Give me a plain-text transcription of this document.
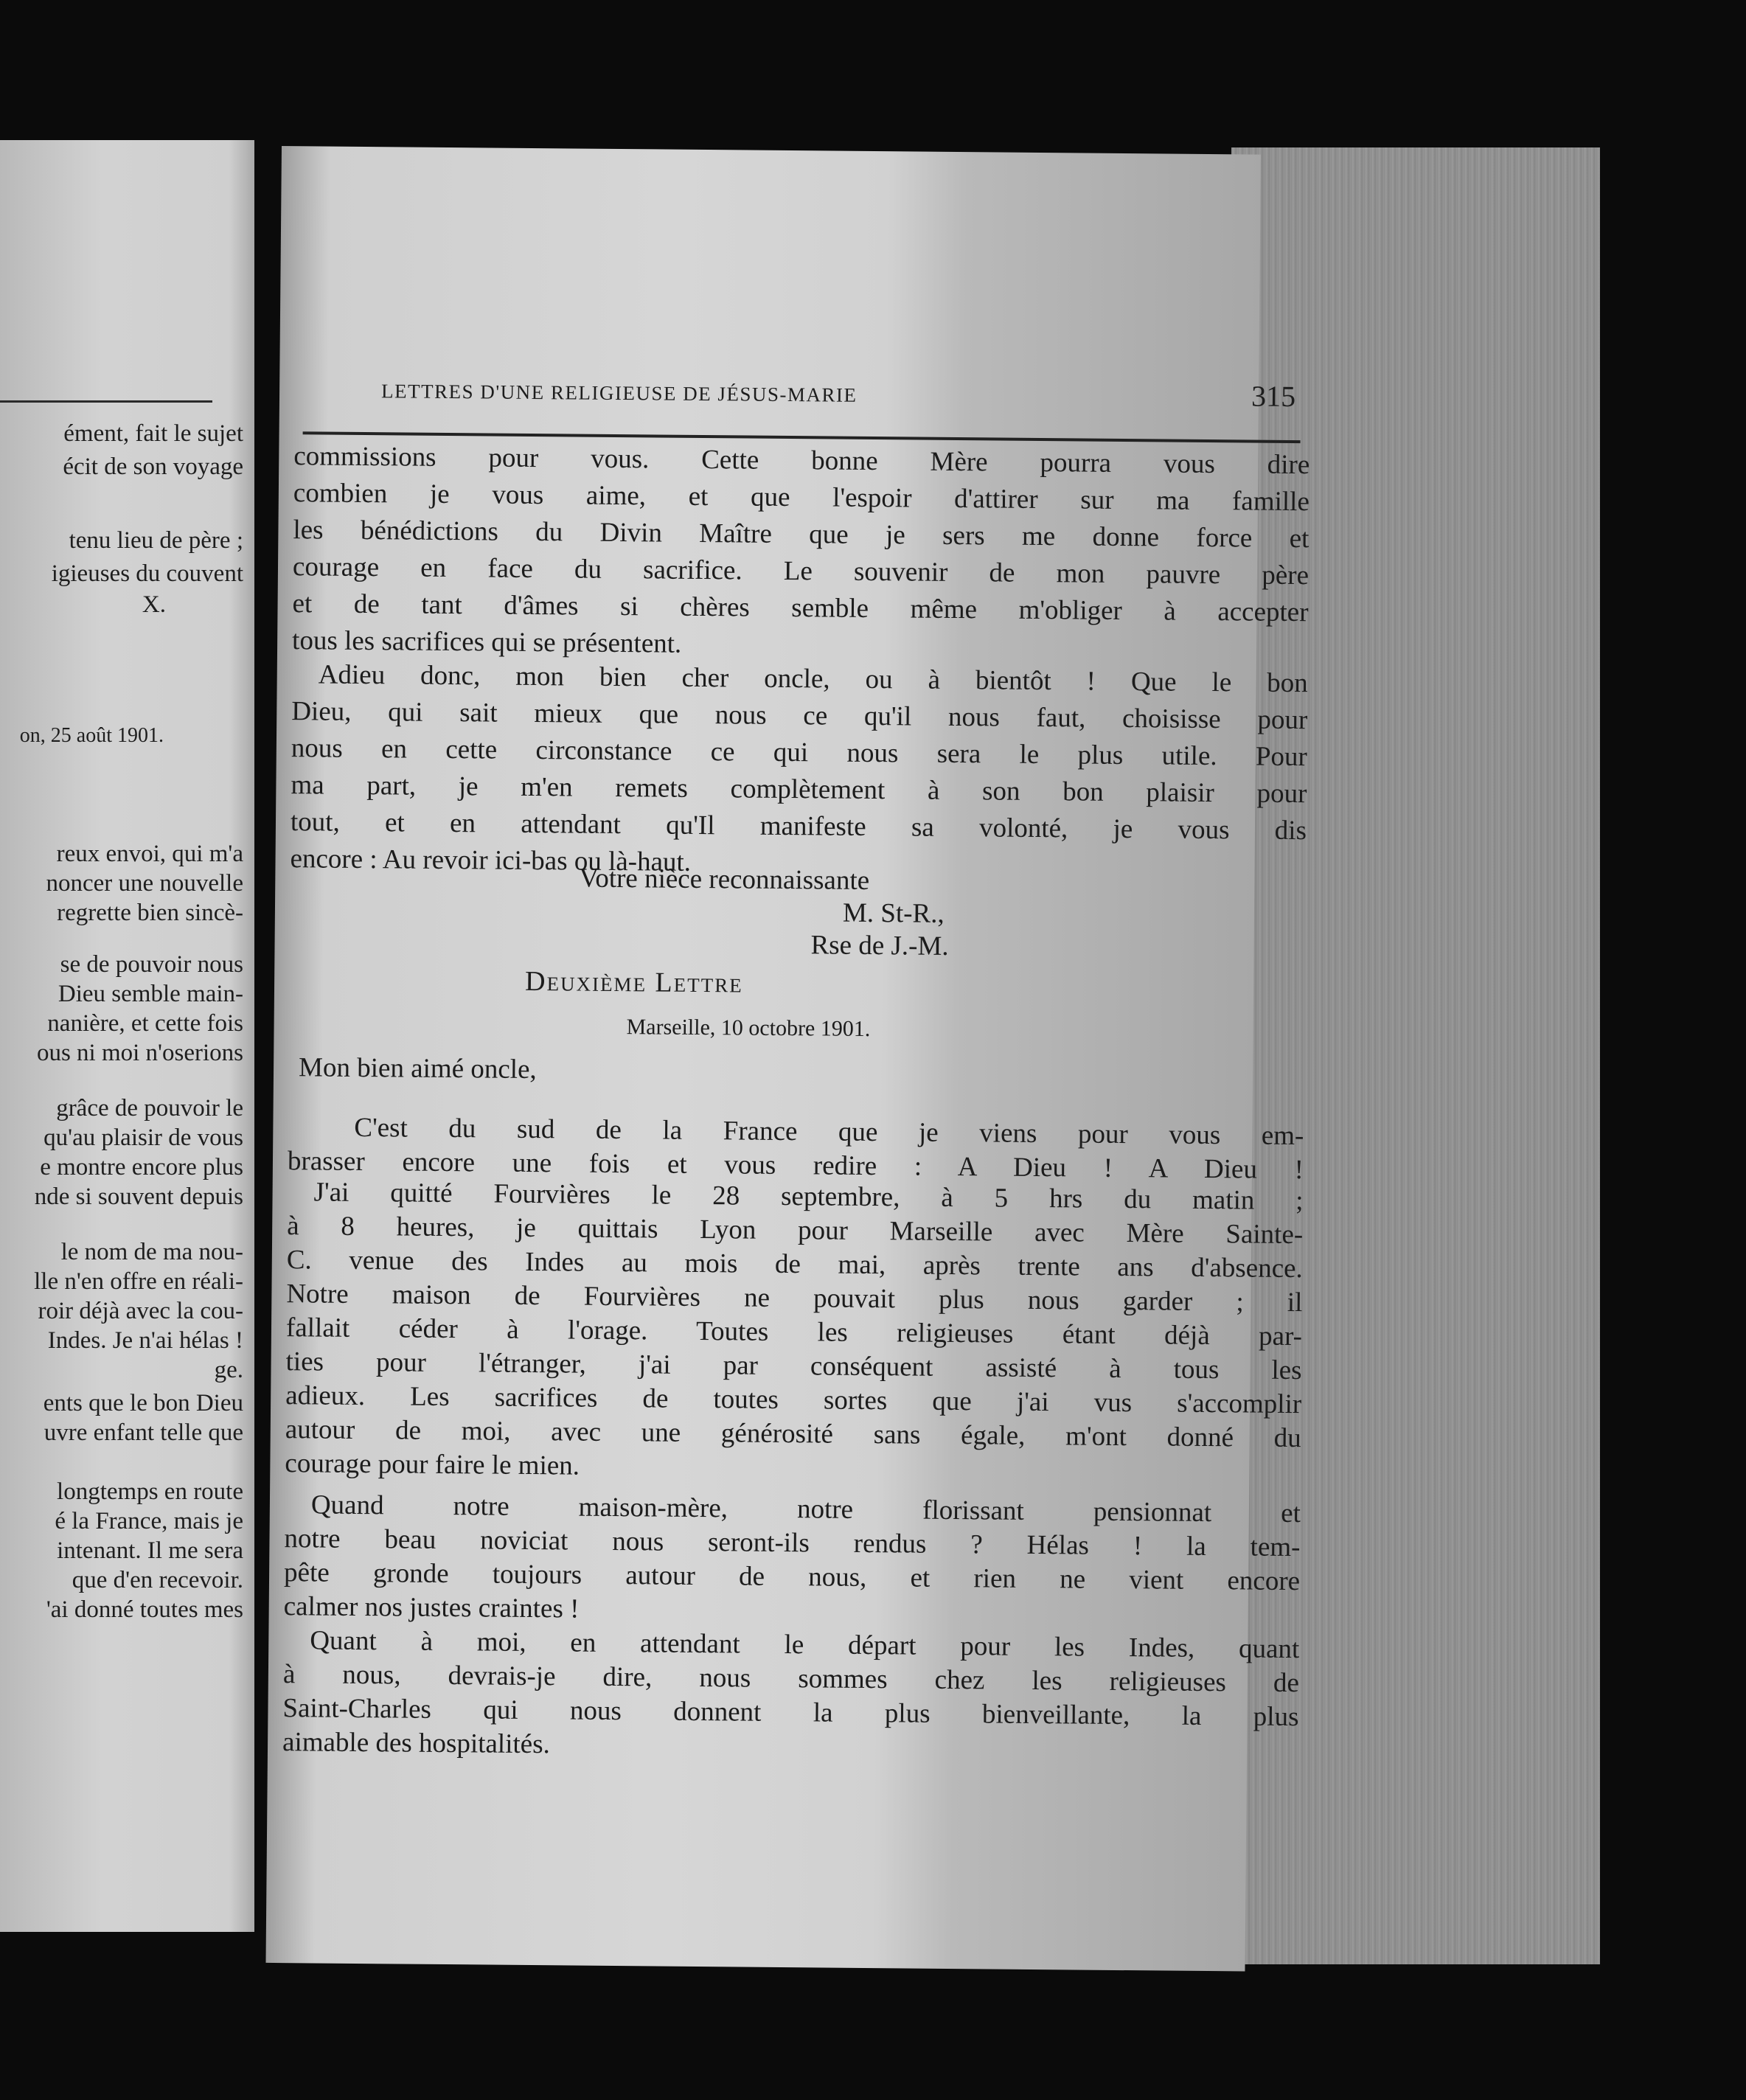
ément, fait le sujet
écit de son voyage
tenu lieu de père ;
igieuses du couvent
X.
on, 25 août 1901.
reux envoi, qui m'a
noncer une nouvelle
regrette bien sincè-
se de pouvoir nous
Dieu semble main-
nanière, et cette fois
ous ni moi n'oserions
grâce de pouvoir le
qu'au plaisir de vous
e montre encore plus
nde si souvent depuis
le nom de ma nou-
lle n'en offre en réali-
roir déjà avec la cou-
Indes. Je n'ai hélas !
ge.
ents que le bon Dieu
uvre enfant telle que
longtemps en route
é la France, mais je
intenant. Il me sera
que d'en recevoir.
'ai donné toutes mes
LETTRES D'UNE RELIGIEUSE DE JÉSUS-MARIE	315
commissions pour vous. Cette bonne Mère pourra vous dire
combien je vous aime, et que l'espoir d'attirer sur ma famille
les bénédictions du Divin Maître que je sers me donne force et
courage en face du sacrifice. Le souvenir de mon pauvre père
et de tant d'âmes si chères semble même m'obliger à accepter
tous les sacrifices qui se présentent.
Adieu donc, mon bien cher oncle, ou à bientôt ! Que le bon
Dieu, qui sait mieux que nous ce qu'il nous faut, choisisse pour
nous en cette circonstance ce qui nous sera le plus utile. Pour
ma part, je m'en remets complètement à son bon plaisir pour
tout, et en attendant qu'Il manifeste sa volonté, je vous dis
encore : Au revoir ici-bas ou là-haut.
Votre nièce reconnaissante
M. St-R.,
Rse de J.-M.
Deuxième Lettre
Marseille, 10 octobre 1901.
Mon bien aimé oncle,
C'est du sud de la France que je viens pour vous em-
brasser encore une fois et vous redire : A Dieu ! A Dieu !
J'ai quitté Fourvières le 28 septembre, à 5 hrs du matin ;
à 8 heures, je quittais Lyon pour Marseille avec Mère Sainte-
C. venue des Indes au mois de mai, après trente ans d'absence.
Notre maison de Fourvières ne pouvait plus nous garder ; il
fallait céder à l'orage. Toutes les religieuses étant déjà par-
ties pour l'étranger, j'ai par conséquent assisté à tous les
adieux. Les sacrifices de toutes sortes que j'ai vus s'accomplir
autour de moi, avec une générosité sans égale, m'ont donné du
courage pour faire le mien.
Quand notre maison-mère, notre florissant pensionnat et
notre beau noviciat nous seront-ils rendus ? Hélas ! la tem-
pête gronde toujours autour de nous, et rien ne vient encore
calmer nos justes craintes !
Quant à moi, en attendant le départ pour les Indes, quant
à nous, devrais-je dire, nous sommes chez les religieuses de
Saint-Charles qui nous donnent la plus bienveillante, la plus
aimable des hospitalités.
